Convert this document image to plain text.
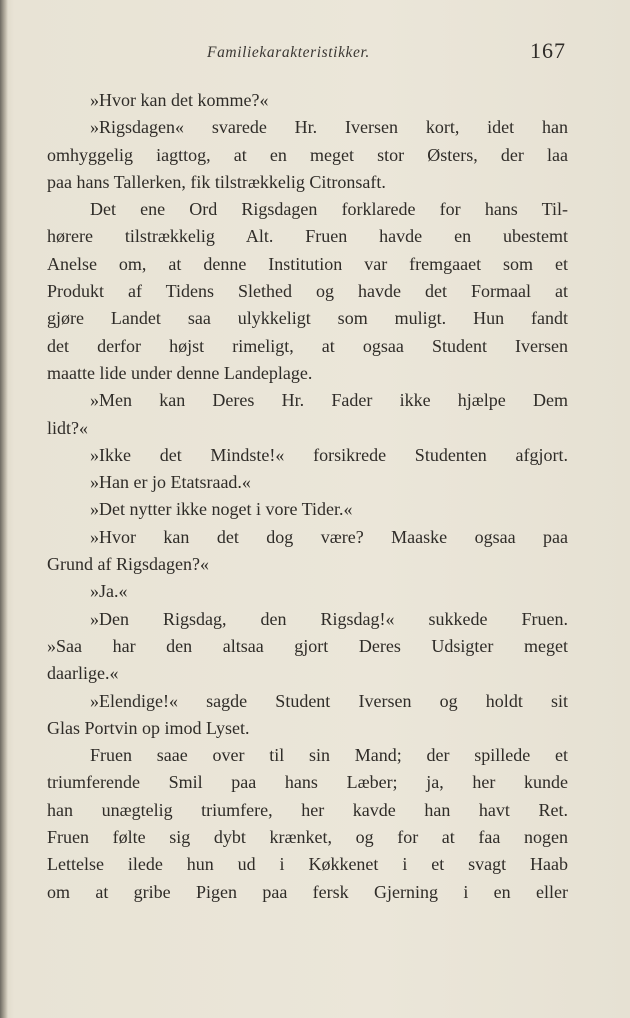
Familiekarakteristikker.	167
»Hvor kan det komme?«
»Rigsdagen« svarede Hr. Iversen kort, idet han
omhyggelig iagttog, at en meget stor Østers, der laa
paa hans Tallerken, fik tilstrækkelig Citronsaft.
Det ene Ord Rigsdagen forklarede for hans Til-
hørere tilstrækkelig Alt. Fruen havde en ubestemt
Anelse om, at denne Institution var fremgaaet som et
Produkt af Tidens Slethed og havde det Formaal at
gjøre Landet saa ulykkeligt som muligt. Hun fandt
det derfor højst rimeligt, at ogsaa Student Iversen
maatte lide under denne Landeplage.
»Men kan Deres Hr. Fader ikke hjælpe Dem
lidt?«
»Ikke det Mindste!« forsikrede Studenten afgjort.
»Han er jo Etatsraad.«
»Det nytter ikke noget i vore Tider.«
»Hvor kan det dog være? Maaske ogsaa paa
Grund af Rigsdagen?«
»Ja.«
»Den Rigsdag, den Rigsdag!« sukkede Fruen.
»Saa har den altsaa gjort Deres Udsigter meget
daarlige.«
»Elendige!« sagde Student Iversen og holdt sit
Glas Portvin op imod Lyset.
Fruen saae over til sin Mand; der spillede et
triumferende Smil paa hans Læber; ja, her kunde
han unægtelig triumfere, her kavde han havt Ret.
Fruen følte sig dybt krænket, og for at faa nogen
Lettelse ilede hun ud i Køkkenet i et svagt Haab
om at gribe Pigen paa fersk Gjerning i en eller
